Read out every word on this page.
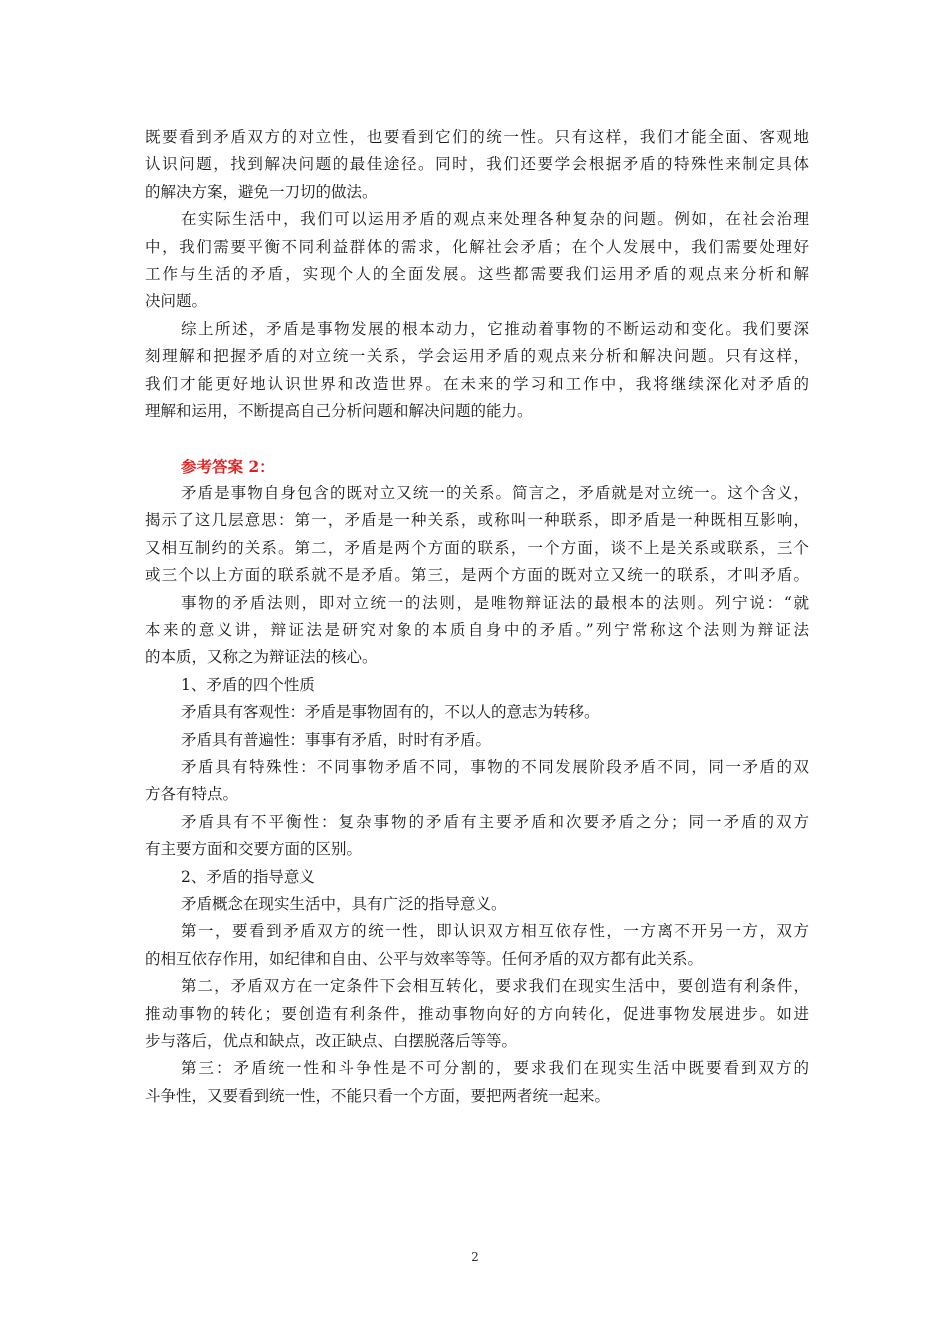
既要看到矛盾双方的对立性，也要看到它们的统一性。只有这样，我们才能全面、客观地

认识问题，找到解决问题的最佳途径。同时，我们还要学会根据矛盾的特殊性来制定具体

的解决方案，避免一刀切的做法。

在实际生活中，我们可以运用矛盾的观点来处理各种复杂的问题。例如，在社会治理

中，我们需要平衡不同利益群体的需求，化解社会矛盾；在个人发展中，我们需要处理好

工作与生活的矛盾，实现个人的全面发展。这些都需要我们运用矛盾的观点来分析和解

决问题。

综上所述，矛盾是事物发展的根本动力，它推动着事物的不断运动和变化。我们要深

刻理解和把握矛盾的对立统一关系，学会运用矛盾的观点来分析和解决问题。只有这样，

我们才能更好地认识世界和改造世界。在未来的学习和工作中，我将继续深化对矛盾的

理解和运用，不断提高自己分析问题和解决问题的能力。

参考答案 2：

矛盾是事物自身包含的既对立又统一的关系。简言之，矛盾就是对立统一。这个含义，

揭示了这几层意思：第一，矛盾是一种关系，或称叫一种联系，即矛盾是一种既相互影响，

又相互制约的关系。第二，矛盾是两个方面的联系，一个方面，谈不上是关系或联系，三个

或三个以上方面的联系就不是矛盾。第三，是两个方面的既对立又统一的联系，才叫矛盾。

事物的矛盾法则，即对立统一的法则，是唯物辩证法的最根本的法则。列宁说：“就

本来的意义讲，辩证法是研究对象的本质自身中的矛盾。”列宁常称这个法则为辩证法

的本质，又称之为辩证法的核心。

1、矛盾的四个性质

矛盾具有客观性：矛盾是事物固有的，不以人的意志为转移。

矛盾具有普遍性：事事有矛盾，时时有矛盾。

矛盾具有特殊性：不同事物矛盾不同，事物的不同发展阶段矛盾不同，同一矛盾的双

方各有特点。

矛盾具有不平衡性：复杂事物的矛盾有主要矛盾和次要矛盾之分；同一矛盾的双方

有主要方面和交要方面的区别。

2、矛盾的指导意义

矛盾概念在现实生活中，具有广泛的指导意义。

第一，要看到矛盾双方的统一性，即认识双方相互依存性，一方离不开另一方，双方

的相互依存作用，如纪律和自由、公平与效率等等。任何矛盾的双方都有此关系。

第二，矛盾双方在一定条件下会相互转化，要求我们在现实生活中，要创造有利条件，

推动事物的转化；要创造有利条件，推动事物向好的方向转化，促进事物发展进步。如进

步与落后，优点和缺点，改正缺点、白摆脱落后等等。

第三：矛盾统一性和斗争性是不可分割的，要求我们在现实生活中既要看到双方的

斗争性，又要看到统一性，不能只看一个方面，要把两者统一起来。

2
